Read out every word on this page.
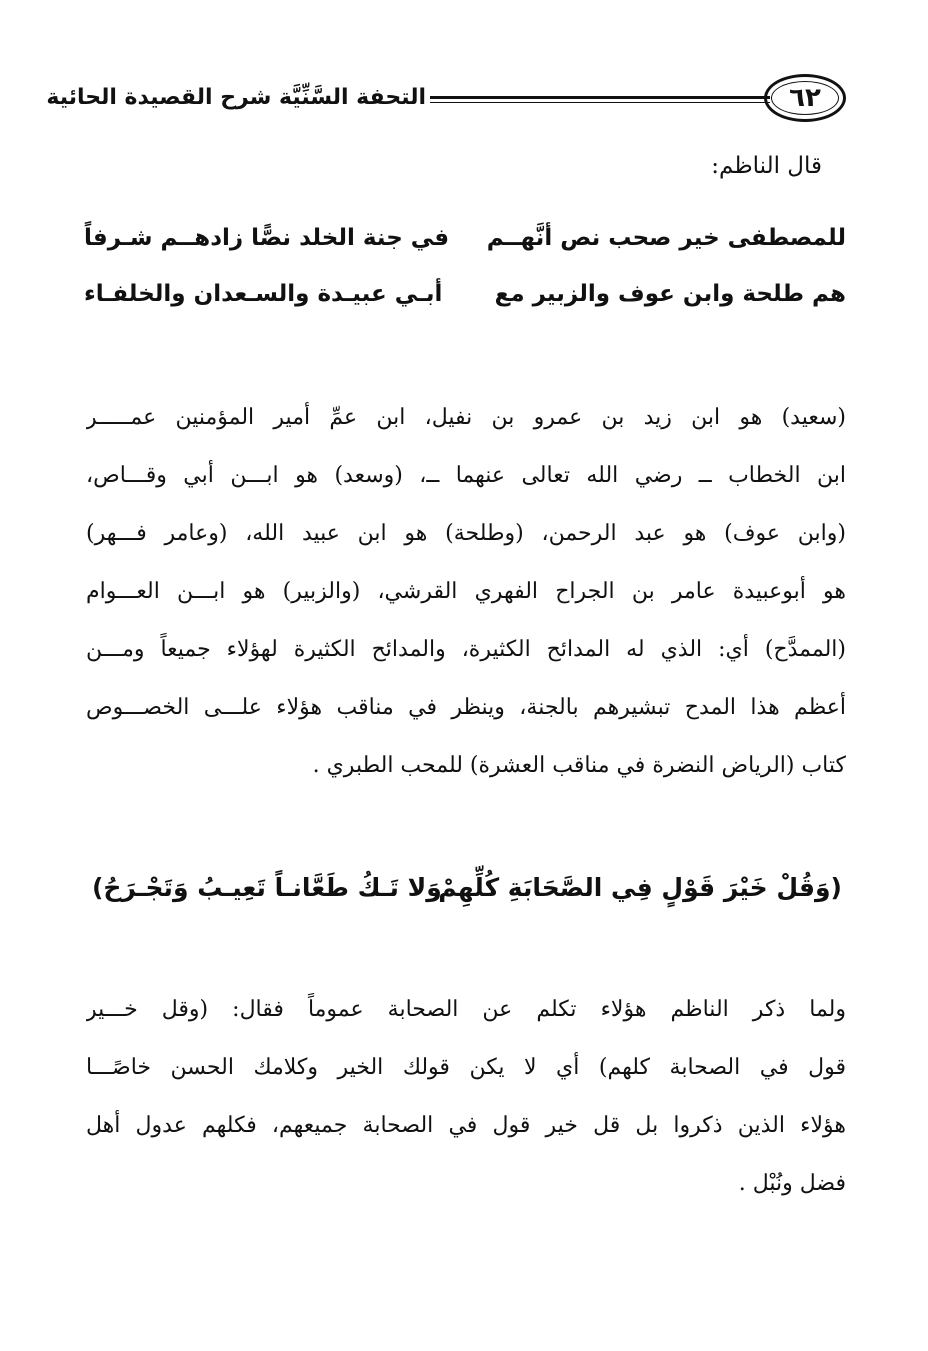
٦٢
التحفة السَّنِّيَّة شرح القصيدة الحائية
قال الناظم:
للمصطفى خير صحب نص أنَّهــم
في جنة الخلد نصًّا زادهــم شـرفاً
هم طلحة وابن عوف والزبير مع
أبـي عبيـدة والسـعدان والخلفـاء
(سعيد) هو ابن زيد بن عمرو بن نفيل، ابن عمِّ أمير المؤمنين عمـــــر
ابن الخطاب ــ رضي الله تعالى عنهما ــ، (وسعد) هو ابـــن أبي وقـــاص،
(وابن عوف) هو عبد الرحمن، (وطلحة) هو ابن عبيد الله، (وعامر فـــهر)
هو أبوعبيدة عامر بن الجراح الفهري القرشي، (والزبير) هو ابـــن العـــوام
(الممدَّح) أي: الذي له المدائح الكثيرة، والمدائح الكثيرة لهؤلاء جميعاً ومـــن
أعظم هذا المدح تبشيرهم بالجنة، وينظر في مناقب هؤلاء علـــى الخصـــوص
كتاب (الرياض النضرة في مناقب العشرة) للمحب الطبري .
(وَقُلْ خَيْرَ قَوْلٍ فِي الصَّحَابَةِ كُلِّهِمْ
وَلا تَـكُ طَعَّانـاً تَعِيـبُ وَتَجْـرَحُ)
ولما ذكر الناظم هؤلاء تكلم عن الصحابة عموماً فقال: (وقل خـــير
قول في الصحابة كلهم) أي لا يكن قولك الخير وكلامك الحسن خاصًـــا
هؤلاء الذين ذكروا بل قل خير قول في الصحابة جميعهم، فكلهم عدول أهل
فضل ونُبْل .
